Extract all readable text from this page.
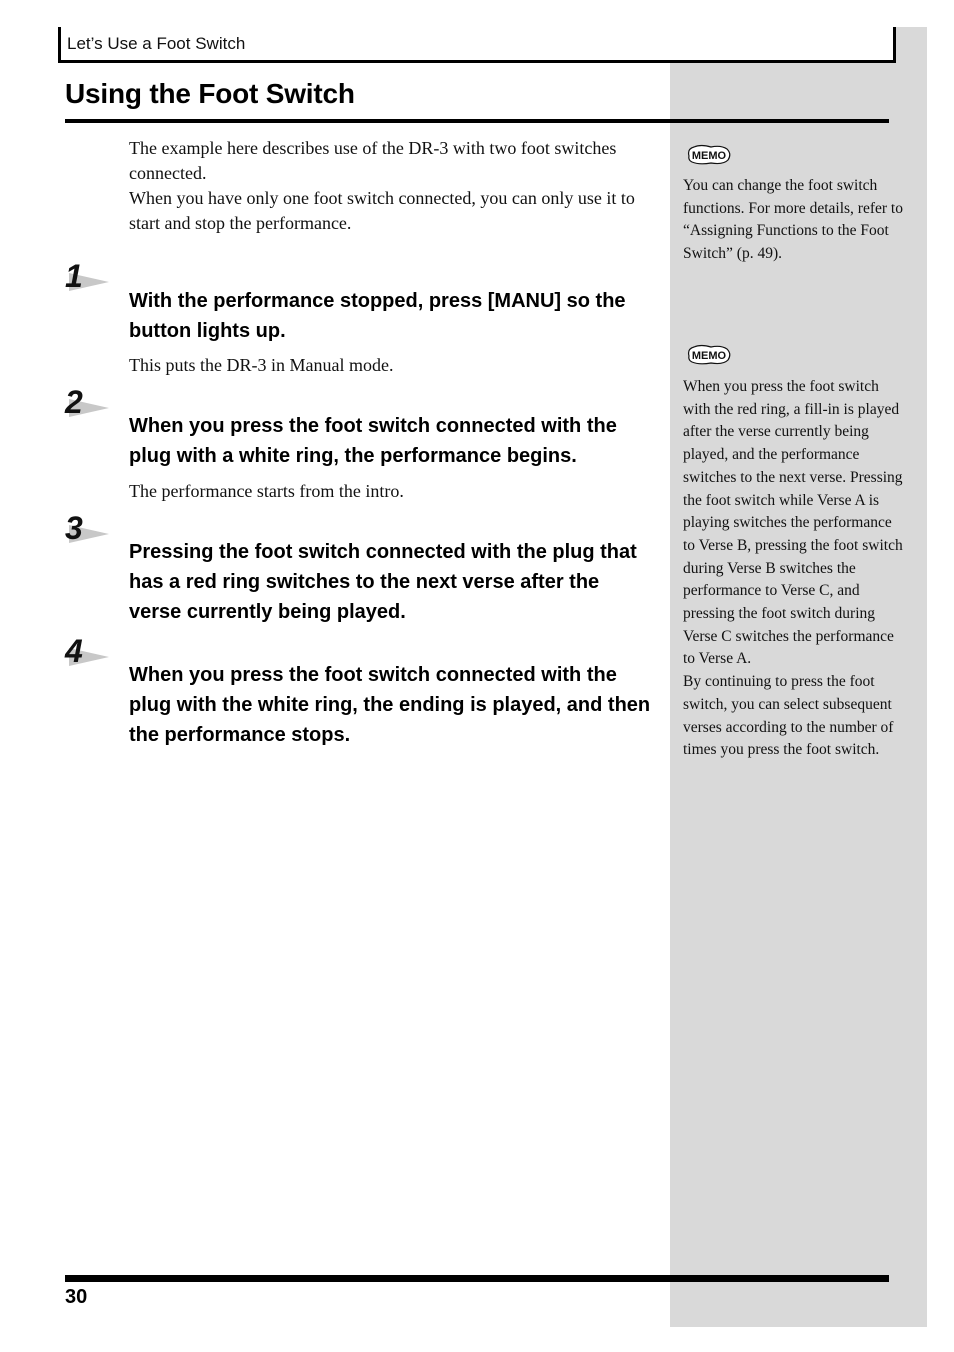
Let’s Use a Foot Switch
Using the Foot Switch

The example here describes use of the DR-3 with two foot switches connected.

When you have only one foot switch connected, you can only use it to start and stop the performance.

1
With the performance stopped, press [MANU] so the button lights up.
This puts the DR-3 in Manual mode.
2
When you press the foot switch connected with the plug with a white ring, the performance begins.
The performance starts from the intro.
3
Pressing the foot switch connected with the plug that has a red ring switches to the next verse after the verse currently being played.
4
When you press the foot switch connected with the plug with the white ring, the ending is played, and then the performance stops.
MEMO

You can change the foot switch functions. For more details, refer to “Assigning Functions to the Foot Switch” (p. 49).

MEMO

When you press the foot switch with the red ring, a fill-in is played after the verse currently being played, and the performance switches to the next verse. Pressing the foot switch while Verse A is playing switches the performance to Verse B, pressing the foot switch during Verse B switches the performance to Verse C, and pressing the foot switch during Verse C switches the performance to Verse A.

By continuing to press the foot switch, you can select subsequent verses according to the number of times you press the foot switch.

30
